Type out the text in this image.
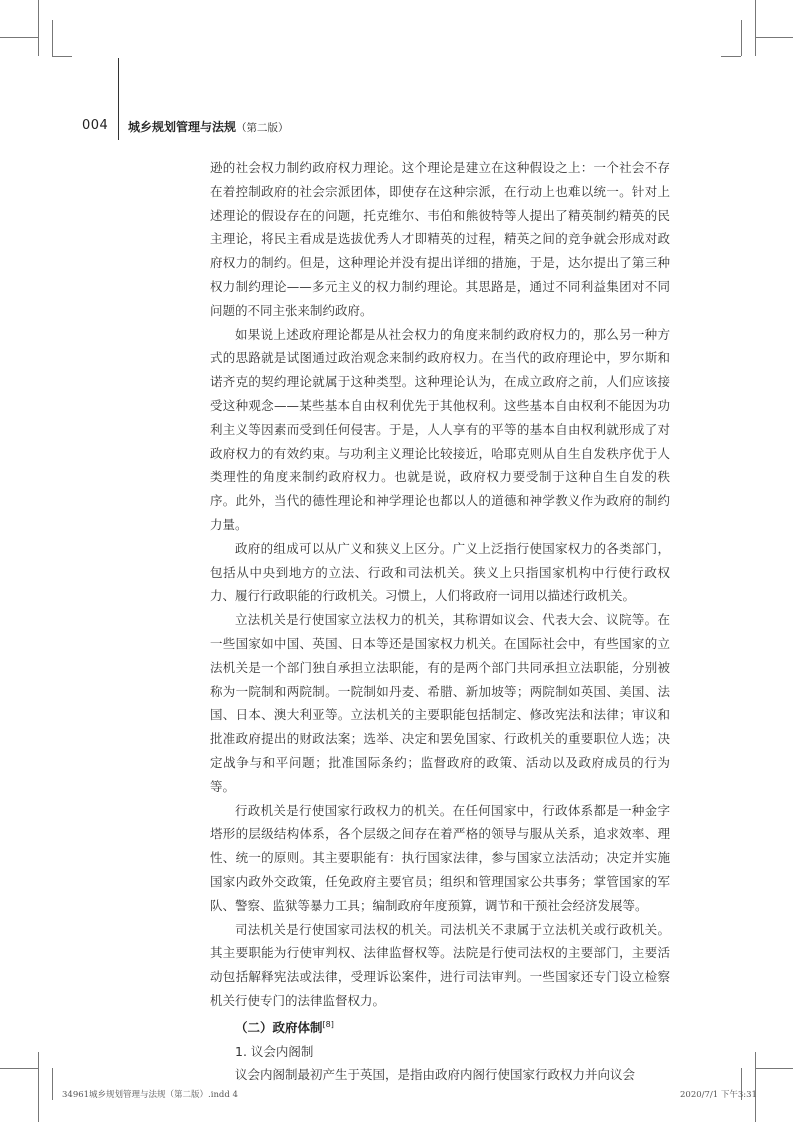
004 城乡规划管理与法规（第二版）

逊的社会权力制约政府权力理论。这个理论是建立在这种假设之上：一个社会不存在着控制政府的社会宗派团体，即使存在这种宗派，在行动上也难以统一。针对上述理论的假设存在的问题，托克维尔、韦伯和熊彼特等人提出了精英制约精英的民主理论，将民主看成是选拔优秀人才即精英的过程，精英之间的竞争就会形成对政府权力的制约。但是，这种理论并没有提出详细的措施，于是，达尔提出了第三种权力制约理论——多元主义的权力制约理论。其思路是，通过不同利益集团对不同问题的不同主张来制约政府。

如果说上述政府理论都是从社会权力的角度来制约政府权力的，那么另一种方式的思路就是试图通过政治观念来制约政府权力。在当代的政府理论中，罗尔斯和诺齐克的契约理论就属于这种类型。这种理论认为，在成立政府之前，人们应该接受这种观念——某些基本自由权利优先于其他权利。这些基本自由权利不能因为功利主义等因素而受到任何侵害。于是，人人享有的平等的基本自由权利就形成了对政府权力的有效约束。与功利主义理论比较接近，哈耶克则从自生自发秩序优于人类理性的角度来制约政府权力。也就是说，政府权力要受制于这种自生自发的秩序。此外，当代的德性理论和神学理论也都以人的道德和神学教义作为政府的制约力量。

政府的组成可以从广义和狭义上区分。广义上泛指行使国家权力的各类部门，包括从中央到地方的立法、行政和司法机关。狭义上只指国家机构中行使行政权力、履行行政职能的行政机关。习惯上，人们将政府一词用以描述行政机关。

立法机关是行使国家立法权力的机关，其称谓如议会、代表大会、议院等。在一些国家如中国、英国、日本等还是国家权力机关。在国际社会中，有些国家的立法机关是一个部门独自承担立法职能，有的是两个部门共同承担立法职能，分别被称为一院制和两院制。一院制如丹麦、希腊、新加坡等；两院制如英国、美国、法国、日本、澳大利亚等。立法机关的主要职能包括制定、修改宪法和法律；审议和批准政府提出的财政法案；选举、决定和罢免国家、行政机关的重要职位人选；决定战争与和平问题；批准国际条约；监督政府的政策、活动以及政府成员的行为等。

行政机关是行使国家行政权力的机关。在任何国家中，行政体系都是一种金字塔形的层级结构体系，各个层级之间存在着严格的领导与服从关系，追求效率、理性、统一的原则。其主要职能有：执行国家法律，参与国家立法活动；决定并实施国家内政外交政策，任免政府主要官员；组织和管理国家公共事务；掌管国家的军队、警察、监狱等暴力工具；编制政府年度预算，调节和干预社会经济发展等。

司法机关是行使国家司法权的机关。司法机关不隶属于立法机关或行政机关。其主要职能为行使审判权、法律监督权等。法院是行使司法权的主要部门，主要活动包括解释宪法或法律，受理诉讼案件，进行司法审判。一些国家还专门设立检察机关行使专门的法律监督权力。

（二）政府体制[8]

1. 议会内阁制

议会内阁制最初产生于英国，是指由政府内阁行使国家行政权力并向议会

34961城乡规划管理与法规（第二版）.indd 4	2020/7/1 下午3:31
